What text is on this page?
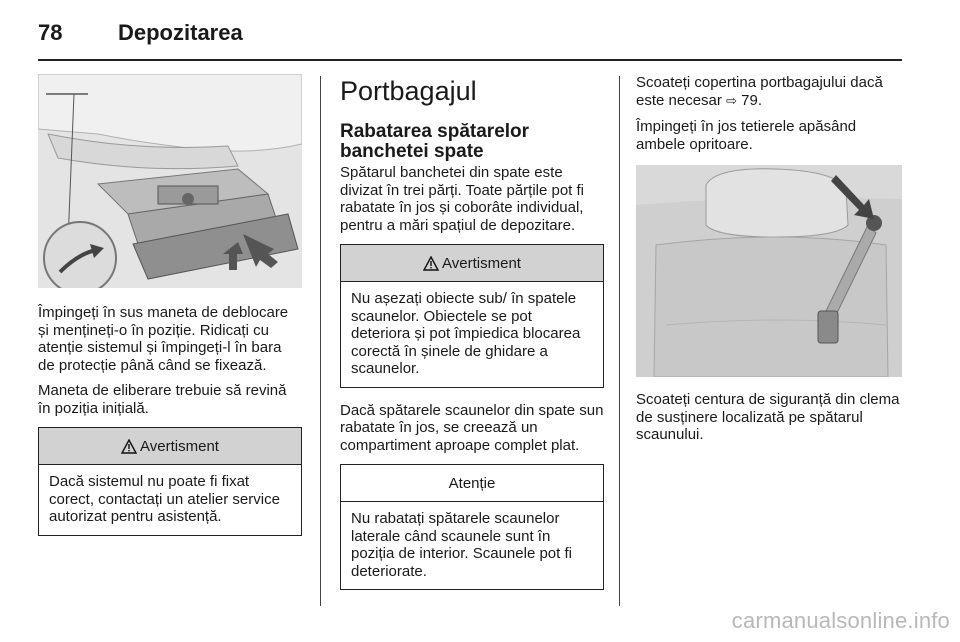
78	Depozitarea

Împingeți în sus maneta de deblocare și mențineți-o în poziție. Ridicați cu atenție sistemul și împingeți-l în bara de protecție până când se fixează.

Maneta de eliberare trebuie să revină în poziția inițială.

Avertisment
Dacă sistemul nu poate fi fixat corect, contactați un atelier service autorizat pentru asistență.
Portbagajul
Rabatarea spătarelor banchetei spate

Spătarul banchetei din spate este divizat în trei părți. Toate părțile pot fi rabatate în jos și coborâte individual, pentru a mări spațiul de depozitare.

Avertisment
Nu așezați obiecte sub/ în spatele scaunelor. Obiectele se pot deteriora și pot împiedica blocarea corectă în șinele de ghidare a scaunelor.

Dacă spătarele scaunelor din spate sun rabatate în jos, se creează un compartiment aproape complet plat.

Atenție
Nu rabatați spătarele scaunelor laterale când scaunele sunt în poziția de interior. Scaunele pot fi deteriorate.

Scoateți copertina portbagajului dacă este necesar ⇨ 79.

Împingeți în jos tetierele apăsând ambele opritoare.

Scoateți centura de siguranță din clema de susținere localizată pe spătarul scaunului.

carmanualsonline.info
